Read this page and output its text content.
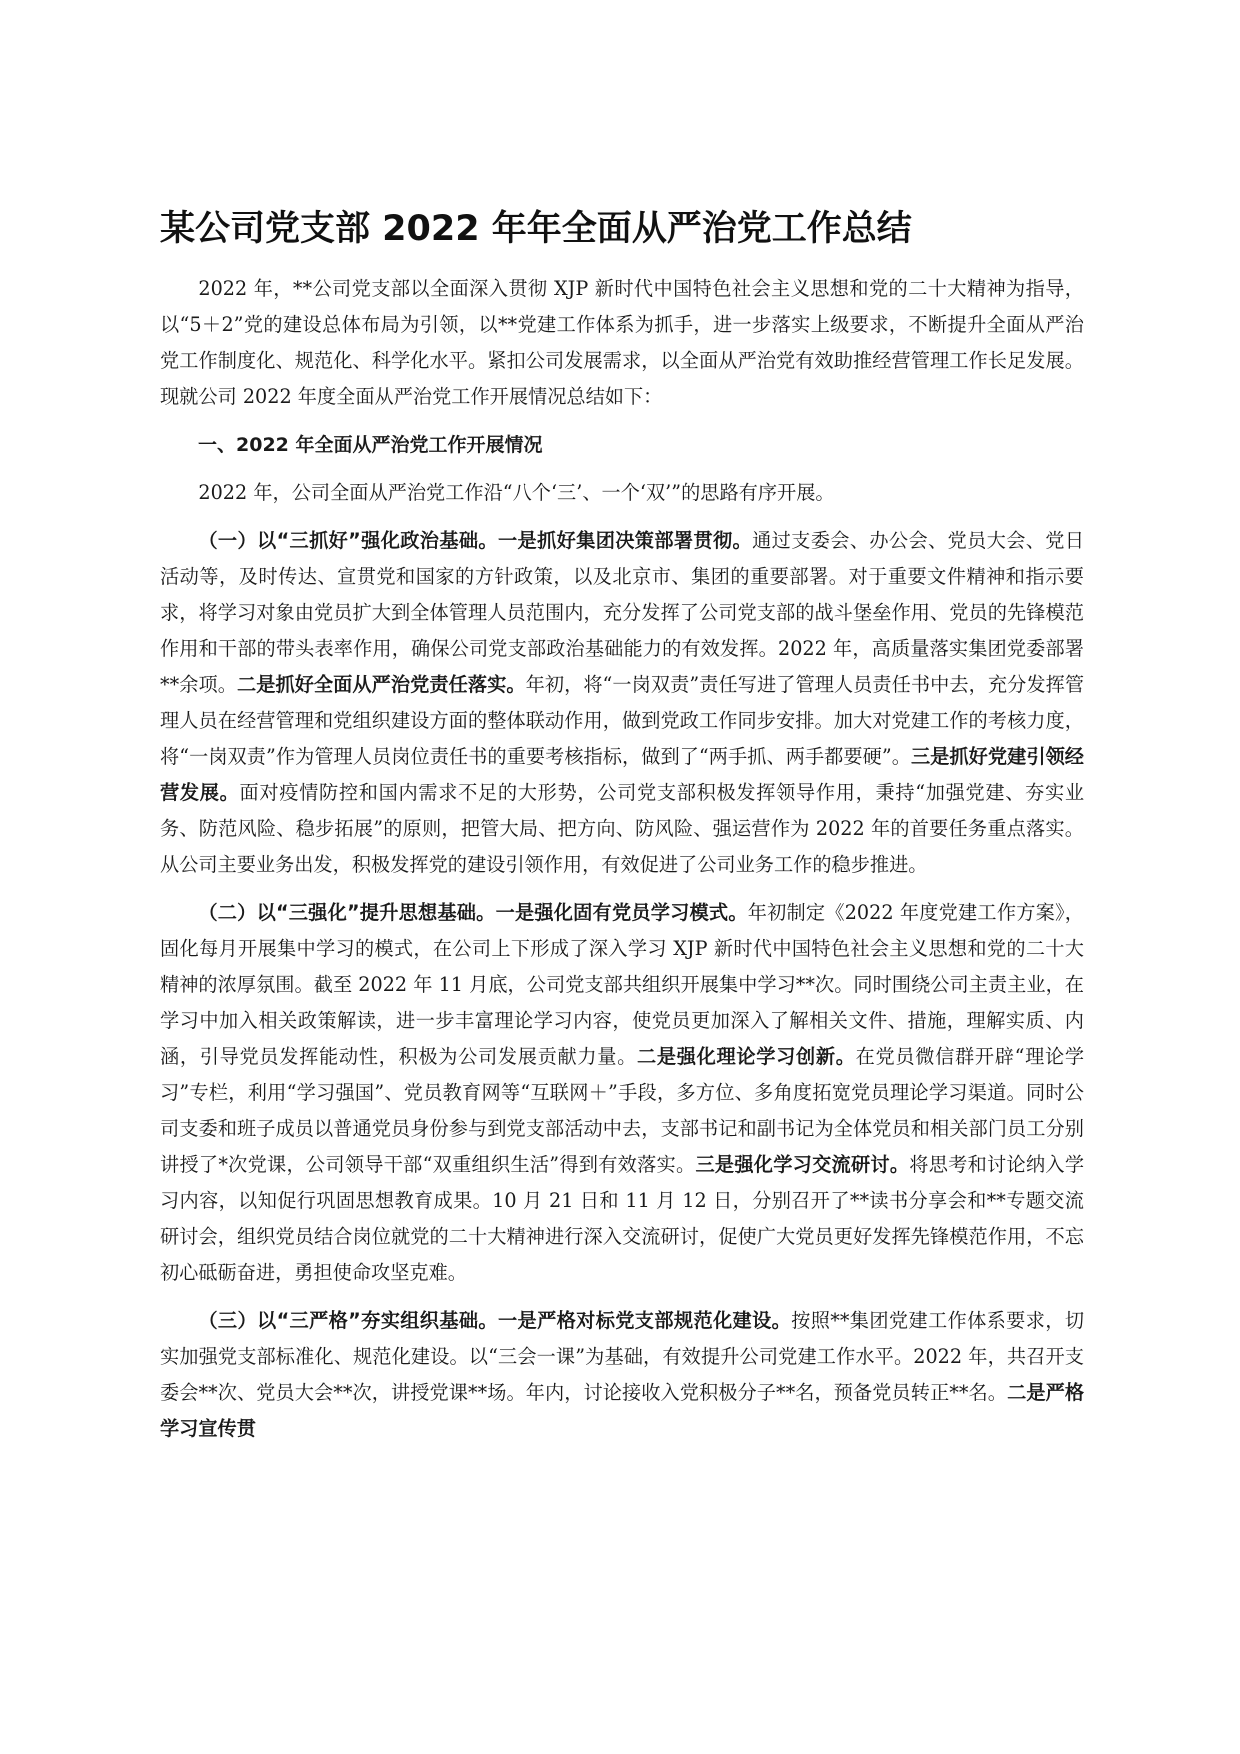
某公司党支部 2022 年年全面从严治党工作总结

2022 年，**公司党支部以全面深入贯彻 XJP 新时代中国特色社会主义思想和党的二十大精神为指导，以“5＋2”党的建设总体布局为引领，以**党建工作体系为抓手，进一步落实上级要求，不断提升全面从严治党工作制度化、规范化、科学化水平。紧扣公司发展需求，以全面从严治党有效助推经营管理工作长足发展。现就公司 2022 年度全面从严治党工作开展情况总结如下：

一、2022 年全面从严治党工作开展情况

2022 年，公司全面从严治党工作沿“八个‘三’、一个‘双’”的思路有序开展。

（一）以“三抓好”强化政治基础。一是抓好集团决策部署贯彻。通过支委会、办公会、党员大会、党日活动等，及时传达、宣贯党和国家的方针政策，以及北京市、集团的重要部署。对于重要文件精神和指示要求，将学习对象由党员扩大到全体管理人员范围内，充分发挥了公司党支部的战斗堡垒作用、党员的先锋模范作用和干部的带头表率作用，确保公司党支部政治基础能力的有效发挥。2022 年，高质量落实集团党委部署**余项。二是抓好全面从严治党责任落实。年初，将“一岗双责”责任写进了管理人员责任书中去，充分发挥管理人员在经营管理和党组织建设方面的整体联动作用，做到党政工作同步安排。加大对党建工作的考核力度，将“一岗双责”作为管理人员岗位责任书的重要考核指标，做到了“两手抓、两手都要硬”。三是抓好党建引领经营发展。面对疫情防控和国内需求不足的大形势，公司党支部积极发挥领导作用，秉持“加强党建、夯实业务、防范风险、稳步拓展”的原则，把管大局、把方向、防风险、强运营作为 2022 年的首要任务重点落实。从公司主要业务出发，积极发挥党的建设引领作用，有效促进了公司业务工作的稳步推进。

（二）以“三强化”提升思想基础。一是强化固有党员学习模式。年初制定《2022 年度党建工作方案》，固化每月开展集中学习的模式，在公司上下形成了深入学习 XJP 新时代中国特色社会主义思想和党的二十大精神的浓厚氛围。截至 2022 年 11 月底，公司党支部共组织开展集中学习**次。同时围绕公司主责主业，在学习中加入相关政策解读，进一步丰富理论学习内容，使党员更加深入了解相关文件、措施，理解实质、内涵，引导党员发挥能动性，积极为公司发展贡献力量。二是强化理论学习创新。在党员微信群开辟“理论学习”专栏，利用“学习强国”、党员教育网等“互联网＋”手段，多方位、多角度拓宽党员理论学习渠道。同时公司支委和班子成员以普通党员身份参与到党支部活动中去，支部书记和副书记为全体党员和相关部门员工分别讲授了*次党课，公司领导干部“双重组织生活”得到有效落实。三是强化学习交流研讨。将思考和讨论纳入学习内容，以知促行巩固思想教育成果。10 月 21 日和 11 月 12 日，分别召开了**读书分享会和**专题交流研讨会，组织党员结合岗位就党的二十大精神进行深入交流研讨，促使广大党员更好发挥先锋模范作用，不忘初心砥砺奋进，勇担使命攻坚克难。

（三）以“三严格”夯实组织基础。一是严格对标党支部规范化建设。按照**集团党建工作体系要求，切实加强党支部标准化、规范化建设。以“三会一课”为基础，有效提升公司党建工作水平。2022 年，共召开支委会**次、党员大会**次，讲授党课**场。年内，讨论接收入党积极分子**名，预备党员转正**名。二是严格学习宣传贯
